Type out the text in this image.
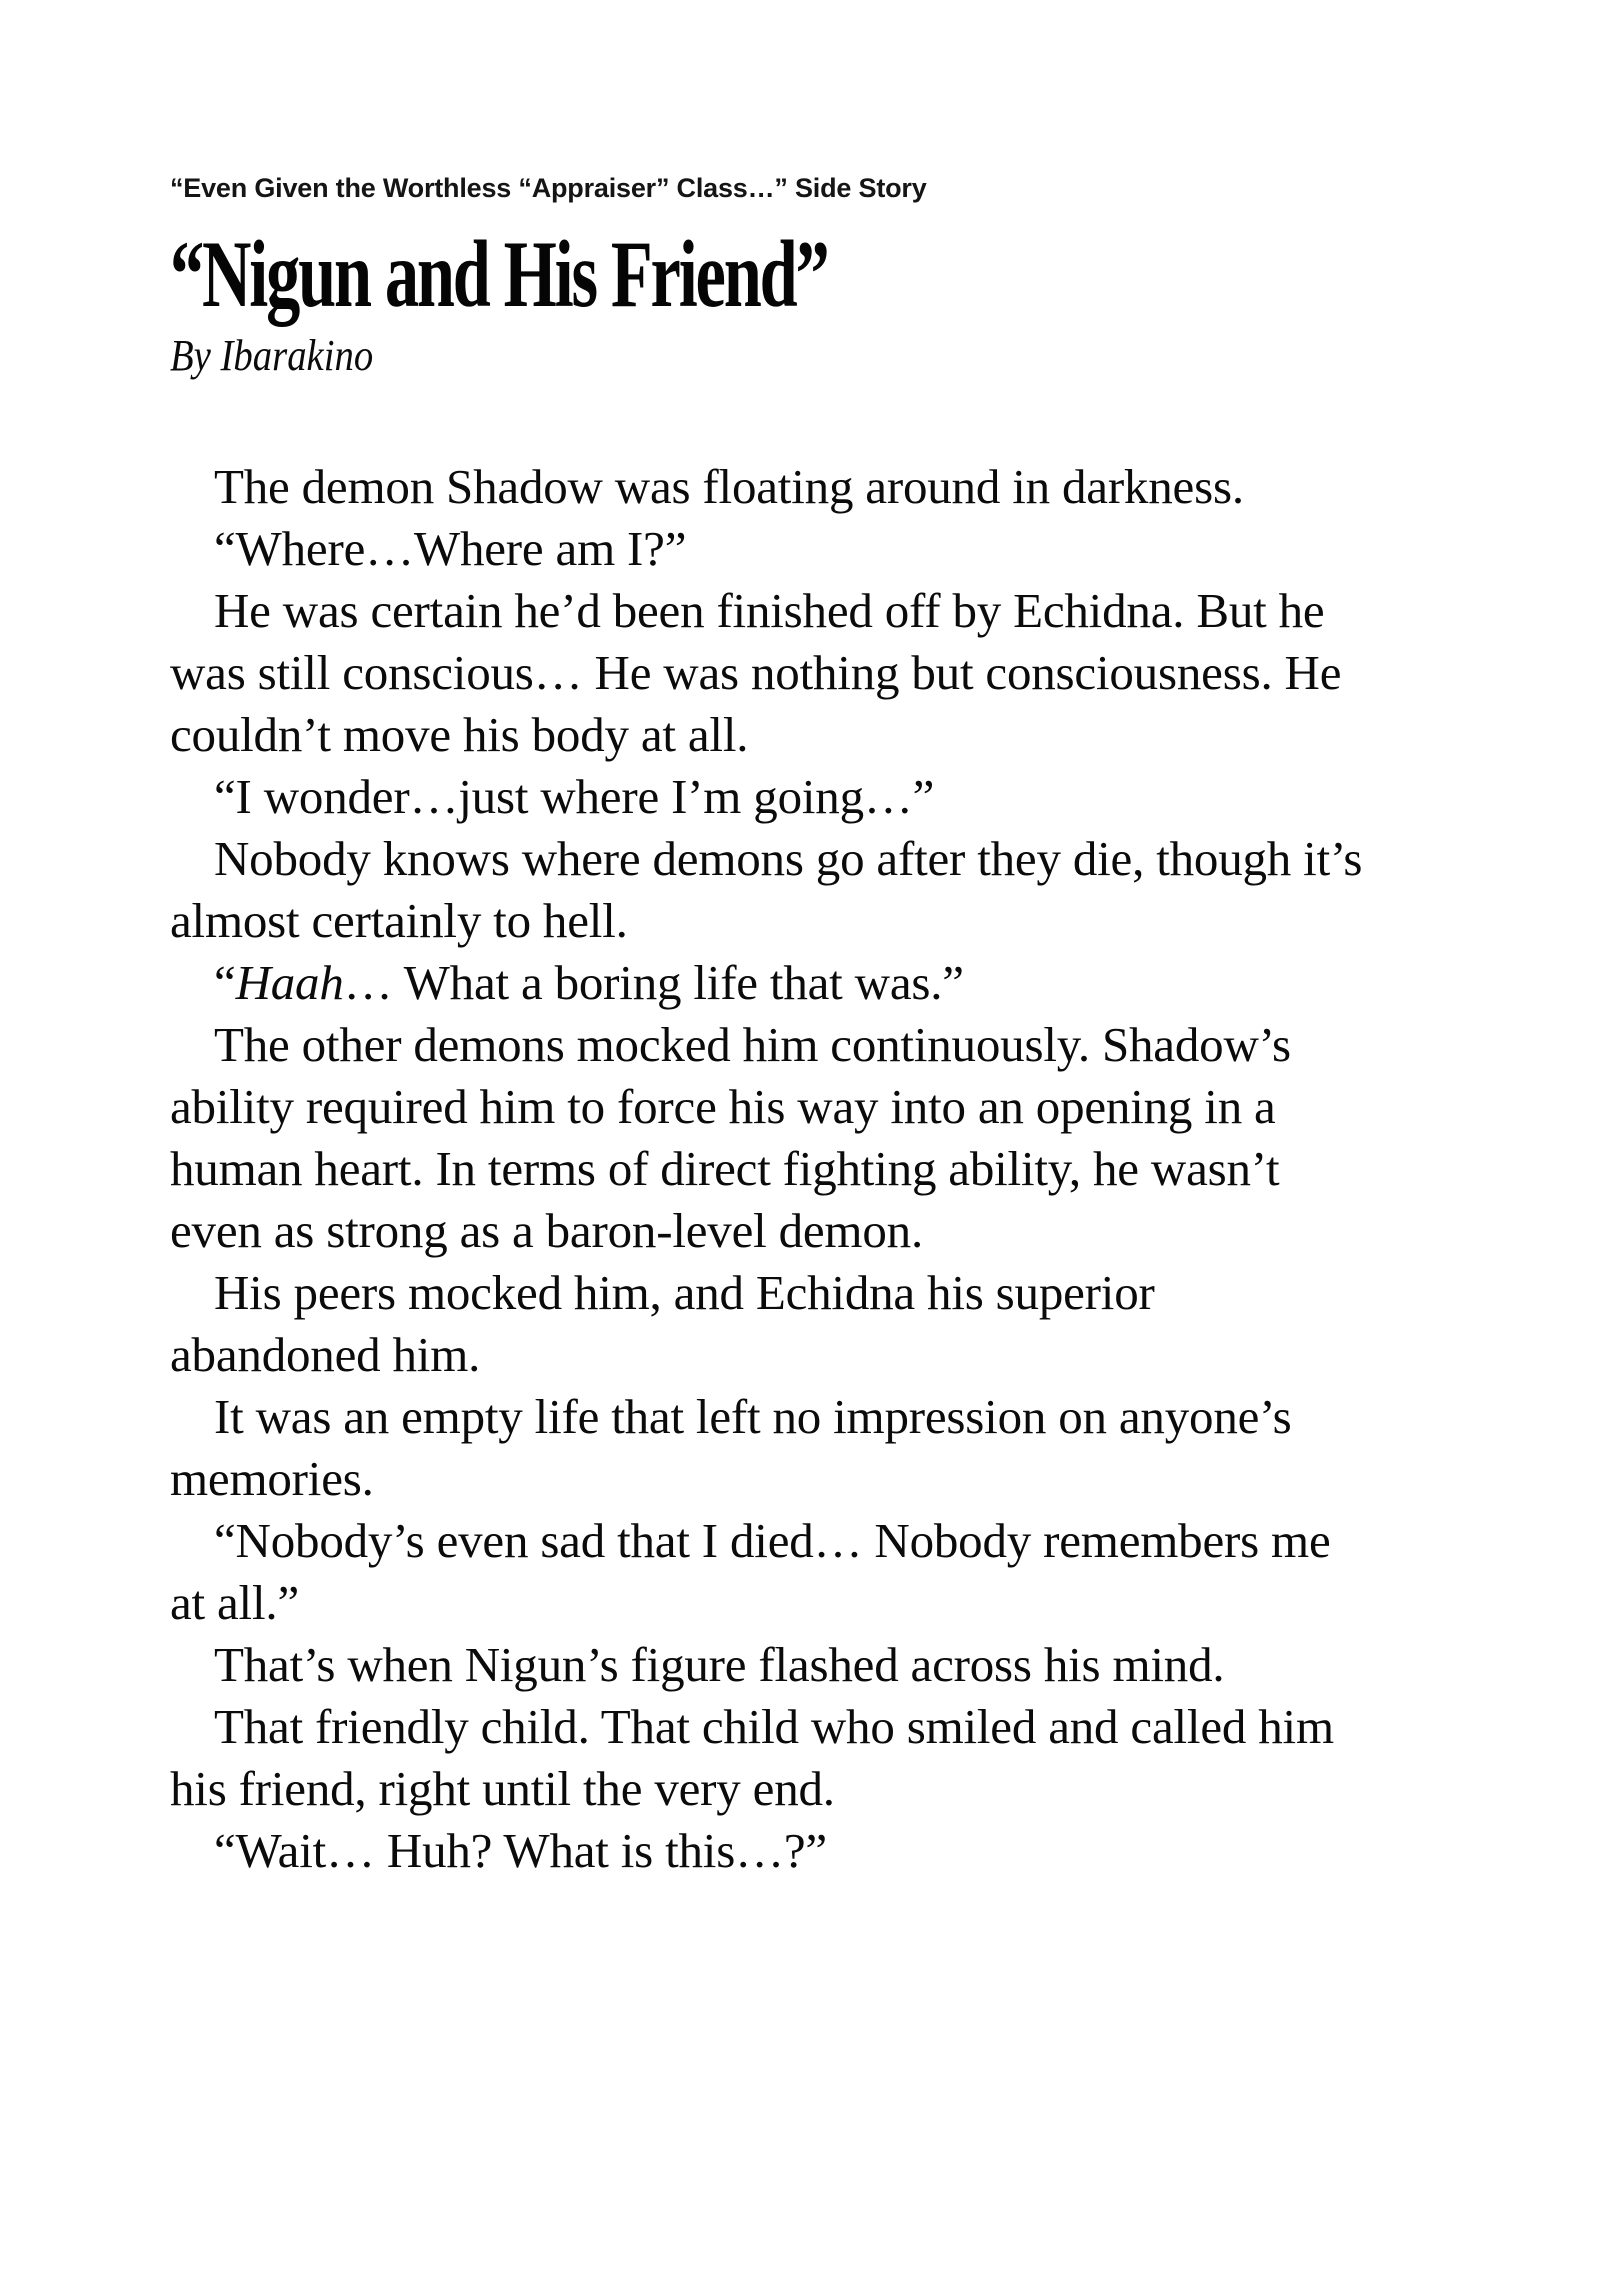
“Even Given the Worthless “Appraiser” Class…” Side Story
“Nigun and His Friend”
By Ibarakino

The demon Shadow was floating around in darkness.

“Where…Where am I?”

He was certain he’d been finished off by Echidna. But he
was still conscious… He was nothing but consciousness. He
couldn’t move his body at all.

“I wonder…just where I’m going…”

Nobody knows where demons go after they die, though it’s
almost certainly to hell.

“Haah… What a boring life that was.”

The other demons mocked him continuously. Shadow’s
ability required him to force his way into an opening in a
human heart. In terms of direct fighting ability, he wasn’t
even as strong as a baron-level demon.

His peers mocked him, and Echidna his superior
abandoned him.

It was an empty life that left no impression on anyone’s
memories.

“Nobody’s even sad that I died… Nobody remembers me
at all.”

That’s when Nigun’s figure flashed across his mind.

That friendly child. That child who smiled and called him
his friend, right until the very end.

“Wait… Huh? What is this…?”
